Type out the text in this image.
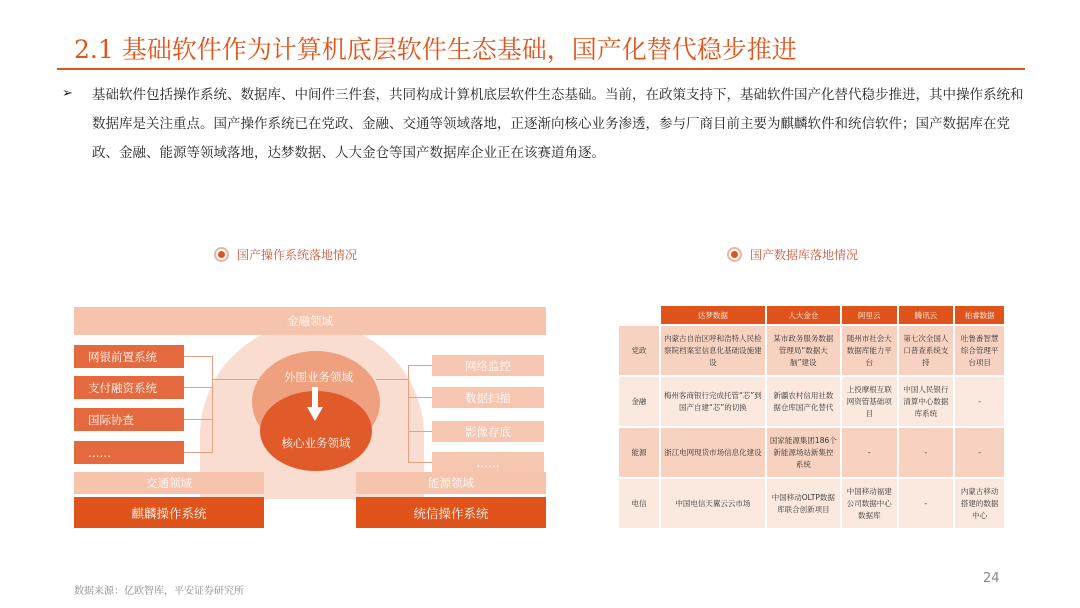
2.1 基础软件作为计算机底层软件生态基础，国产化替代稳步推进
➢ 基础软件包括操作系统、数据库、中间件三件套，共同构成计算机底层软件生态基础。当前，在政策支持下，基础软件国产化替代稳步推进，其中操作系统和数据库是关注重点。国产操作系统已在党政、金融、交通等领域落地，正逐渐向核心业务渗透，参与厂商目前主要为麒麟软件和统信软件；国产数据库在党政、金融、能源等领域落地，达梦数据、人大金仓等国产数据库企业正在该赛道角逐。
国产操作系统落地情况	国产数据库落地情况
金融领域
网银前置系统
支付融资系统
国际协查
……
网络监控
数据扫描
影像存底
……
外围业务领域
核心业务领域
交通领域	能源领域
麒麟操作系统	统信操作系统
	达梦数据	人大金仓	阿里云	腾讯云	柏睿数据
党政	内蒙古自治区呼和浩特人民检察院档案室信息化基础设施建设	某市政务服务数据管理局“数据大脑”建设	随州市社会大数据库能力平台	第七次全国人口普查系统支持	吐鲁番智慧综合管理平台项目
金融	梅州客商银行完成托管“芯”到国产自建“芯”的切换	新疆农村信用社数据仓库国产化替代	上投摩根互联网资管基础项目	中国人民银行清算中心数据库系统	-
能源	浙江电网现货市场信息化建设	国家能源集团186个新能源场站新集控系统	-	-	-
电信	中国电信天翼云云市场	中国移动OLTP数据库联合创新项目	中国移动福建公司数据中心数据库	-	内蒙古移动搭建的数据中心
24
数据来源：亿欧智库，平安证券研究所
